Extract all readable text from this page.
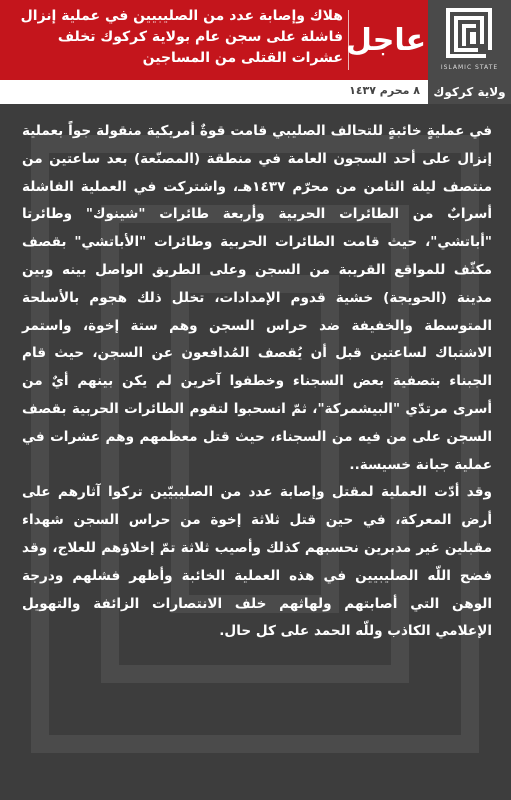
هلاك وإصابة عدد من الصليبيين في عملية إنزال فاشلة على سجن عام بولاية كركوك تخلف عشرات القتلى من المساجين
عاجل
ISLAMIC STATE
٨ محرم ١٤٣٧ ولاية كركوك

في عمليةٍ خائبةٍ للتحالف الصليبي قامت قوةٌ أمريكية منقولة جواً بعملية إنزال على أحد السجون العامة في منطقة (المصنّعة) بعد ساعتين من منتصف ليلة الثامن من محرّم ١٤٣٧هـ، واشتركت في العملية الفاشلة أسرابٌ من الطائرات الحربية وأربعة طائرات "شينوك" وطائرتا "أباتشي"، حيث قامت الطائرات الحربية وطائرات "الأباتشي" بقصف مكثّف للمواقع القريبة من السجن وعلى الطريق الواصل بينه وبين مدينة (الحويجة) خشية قدوم الإمدادات، تخلل ذلك هجوم بالأسلحة المتوسطة والخفيفة ضد حراس السجن وهم ستة إخوة، واستمر الاشتباك لساعتين قبل أن يُقصف المُدافعون عن السجن، حيث قام الجبناء بتصفية بعض السجناء وخطفوا آخرين لم يكن بينهم أيٌ من أسرى مرتدّي "البيشمركة"، ثمّ انسحبوا لتقوم الطائرات الحربية بقصف السجن على من فيه من السجناء، حيث قتل معظمهم وهم عشرات في عملية جبانة خسيسة..

وقد أدّت العملية لمقتل وإصابة عدد من الصليبيّين تركوا آثارهم على أرض المعركة، في حين قتل ثلاثة إخوة من حراس السجن شهداء مقبلين غير مدبرين نحسبهم كذلك وأصيب ثلاثة تمّ إخلاؤهم للعلاج، وقد فضح اللّه الصليبيين في هذه العملية الخائبة وأظهر فشلهم ودرجة الوهن التي أصابتهم ولهاثهم خلف الانتصارات الزائفة والتهويل الإعلامي الكاذب وللّه الحمد على كل حال.
